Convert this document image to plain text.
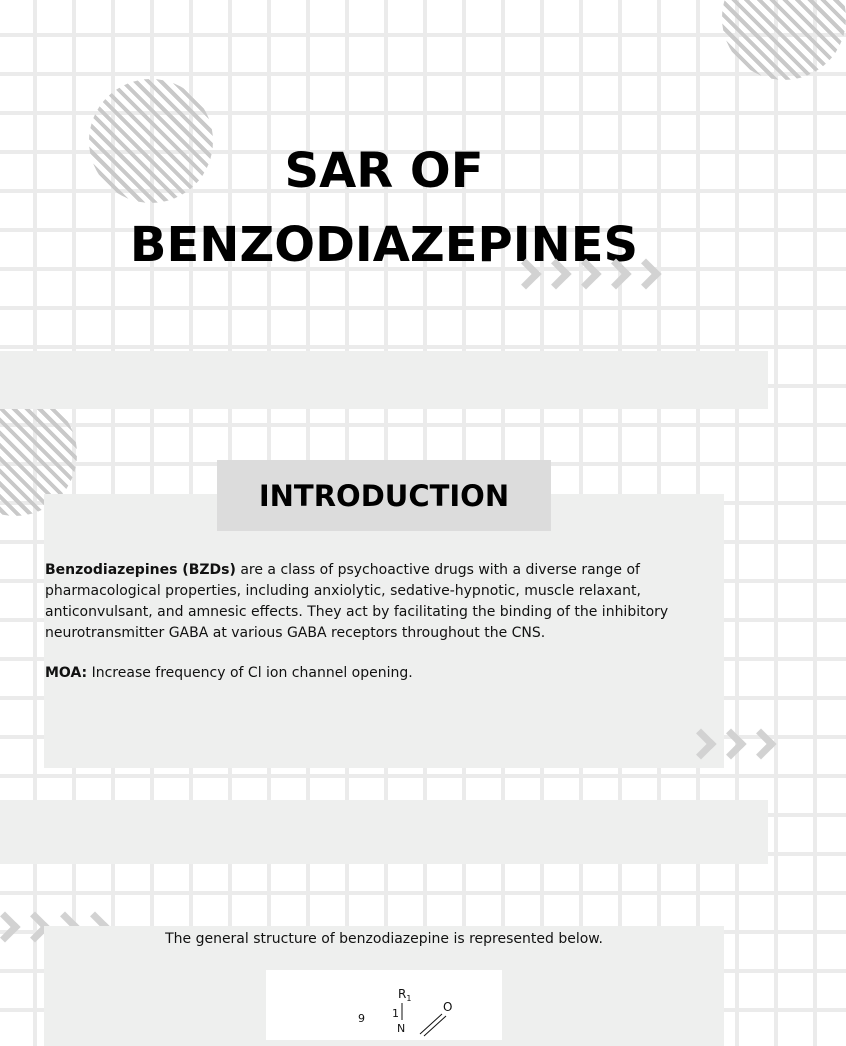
SAR OF
BENZODIAZEPINES
INTRODUCTION

Benzodiazepines (BZDs) are a class of psychoactive drugs with a diverse range of pharmacological properties, including anxiolytic, sedative-hypnotic, muscle relaxant, anticonvulsant, and amnesic effects. They act by facilitating the binding of the inhibitory neurotransmitter GABA at various GABA receptors throughout the CNS.

MOA: Increase frequency of Cl ion channel opening.

The general structure of benzodiazepine is represented below.

$R_1$
O
1
9
N
